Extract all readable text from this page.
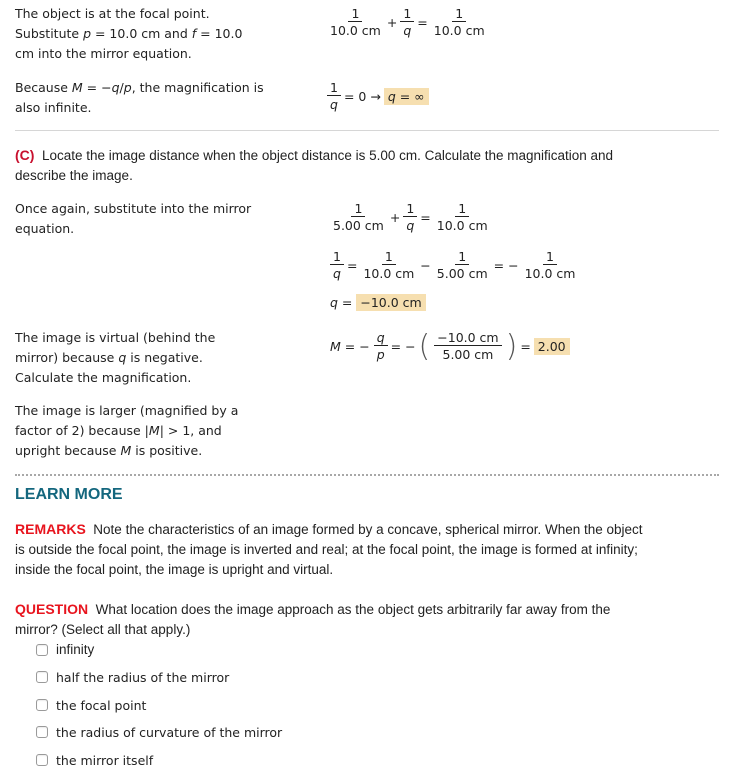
The object is at the focal point.
Substitute p = 10.0 cm and f = 10.0
cm into the mirror equation.

$\frac{1}{10.0 cm} + \frac{1}{q} = \frac{1}{10.0 cm}$

Because M = −q/p, the magnification is
also infinite.	$\frac{1}{q} = 0 \to q$ = ∞
(C) Locate the image distance when the object distance is 5.00 cm. Calculate the magnification and
describe the image.

Once again, substitute into the mirror
equation.	$\frac{1}{5.00 cm} + \frac{1}{q} = \frac{1}{10.0 cm}$
$\frac{1}{q} = \frac{1}{10.0 cm} - \frac{1}{5.00 cm}$ = − $\frac{1}{10.0 cm}$
q =
−10.0 cm

The image is virtual (behind the
mirror) because q is negative.
Calculate the magnification.

M = − $\frac{q}{p}$ = − ( $\frac{-10.0 cm}{5.00 cm}$ ) = 2.00

The image is larger (magnified by a
factor of 2) because |M| > 1, and
upright because M is positive.

LEARN MORE
REMARKS Note the characteristics of an image formed by a concave, spherical mirror. When the object
is outside the focal point, the image is inverted and real; at the focal point, the image is formed at infinity;
inside the focal point, the image is upright and virtual.
QUESTION What location does the image approach as the object gets arbitrarily far away from the
mirror? (Select all that apply.)
infinity
half the radius of the mirror
the focal point
the radius of curvature of the mirror
the mirror itself
